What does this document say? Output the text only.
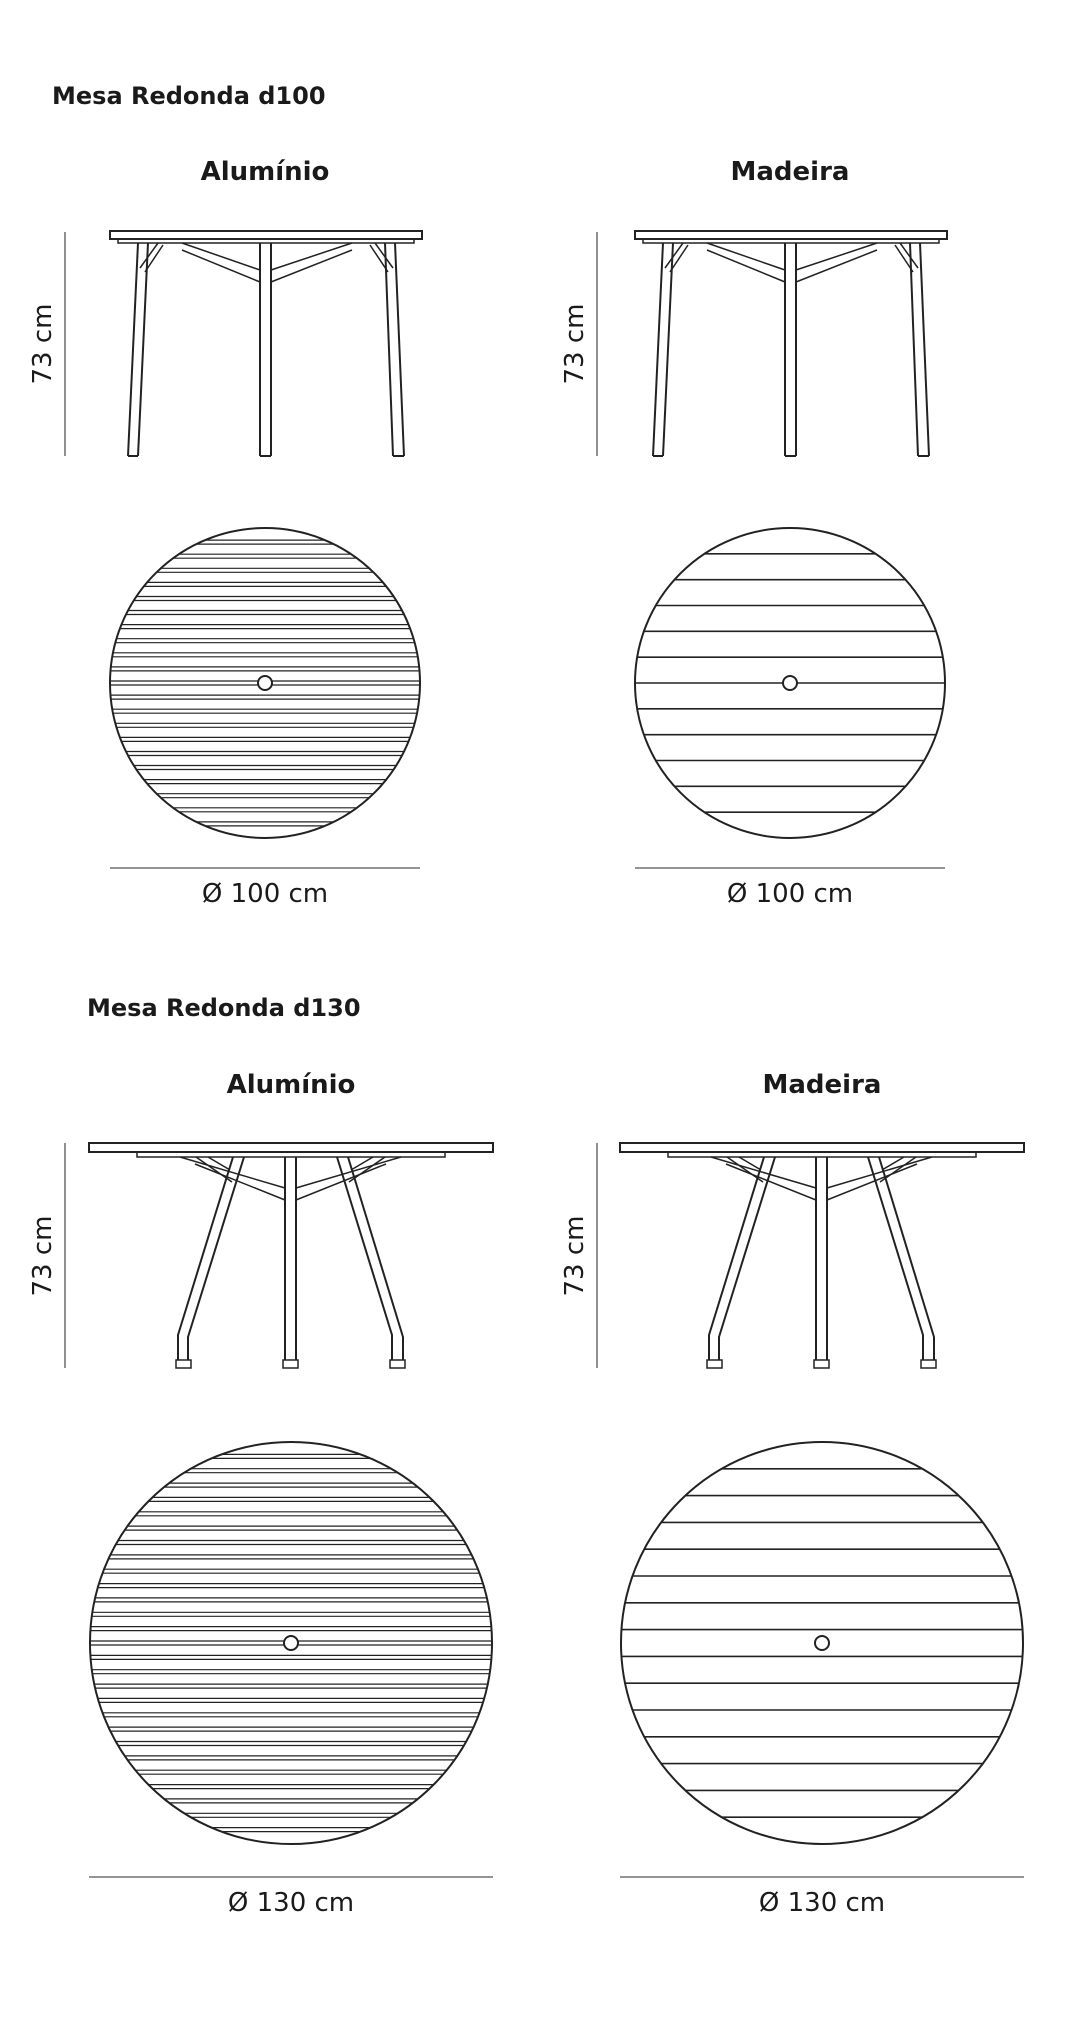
Mesa Redonda d100
Alumínio
73 cm
Ø 100 cm
Madeira
73 cm
Ø 100 cm
Mesa Redonda d130
Alumínio
73 cm
Ø 130 cm
Madeira
73 cm
Ø 130 cm
